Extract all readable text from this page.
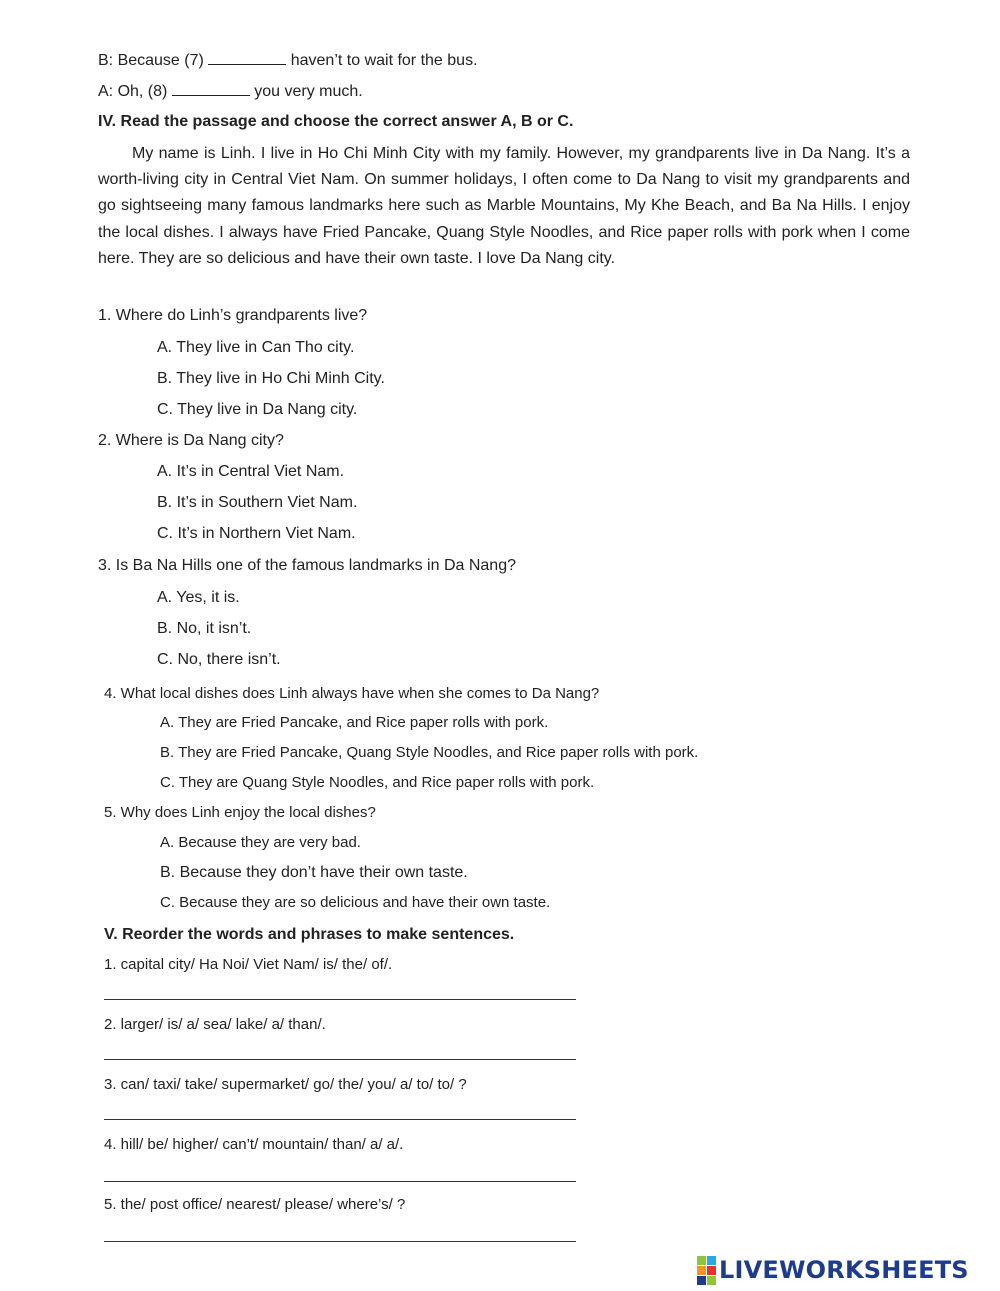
B: Because (7)	haven’t to wait for the bus.
A: Oh, (8)	you very much.
IV. Read the passage and choose the correct answer A, B or C.
My name is Linh. I live in Ho Chi Minh City with my family. However, my grandparents live in Da Nang. It’s a worth-living city in Central Viet Nam. On summer holidays, I often come to Da Nang to visit my grandparents and go sightseeing many famous landmarks here such as Marble Mountains, My Khe Beach, and Ba Na Hills. I enjoy the local dishes. I always have Fried Pancake, Quang Style Noodles, and Rice paper rolls with pork when I come here. They are so delicious and have their own taste. I love Da Nang city.
1. Where do Linh’s grandparents live?
A. They live in Can Tho city.
B. They live in Ho Chi Minh City.
C. They live in Da Nang city.
2. Where is Da Nang city?
A. It’s in Central Viet Nam.
B. It’s in Southern Viet Nam.
C. It’s in Northern Viet Nam.
3. Is Ba Na Hills one of the famous landmarks in Da Nang?
A. Yes, it is.
B. No, it isn’t.
C. No, there isn’t.
4. What local dishes does Linh always have when she comes to Da Nang?
A. They are Fried Pancake, and Rice paper rolls with pork.
B. They are Fried Pancake, Quang Style Noodles, and Rice paper rolls with pork.
C. They are Quang Style Noodles, and Rice paper rolls with pork.
5. Why does Linh enjoy the local dishes?
A. Because they are very bad.
B. Because they don’t have their own taste.
C. Because they are so delicious and have their own taste.
V. Reorder the words and phrases to make sentences.
1. capital city/ Ha Noi/ Viet Nam/ is/ the/ of/.
2. larger/ is/ a/ sea/ lake/ a/ than/.
3. can/ taxi/ take/ supermarket/ go/ the/ you/ a/ to/ to/ ?
4. hill/ be/ higher/ can’t/ mountain/ than/ a/ a/.
5. the/ post office/ nearest/ please/ where’s/ ?
LIVEWORKSHEETS
